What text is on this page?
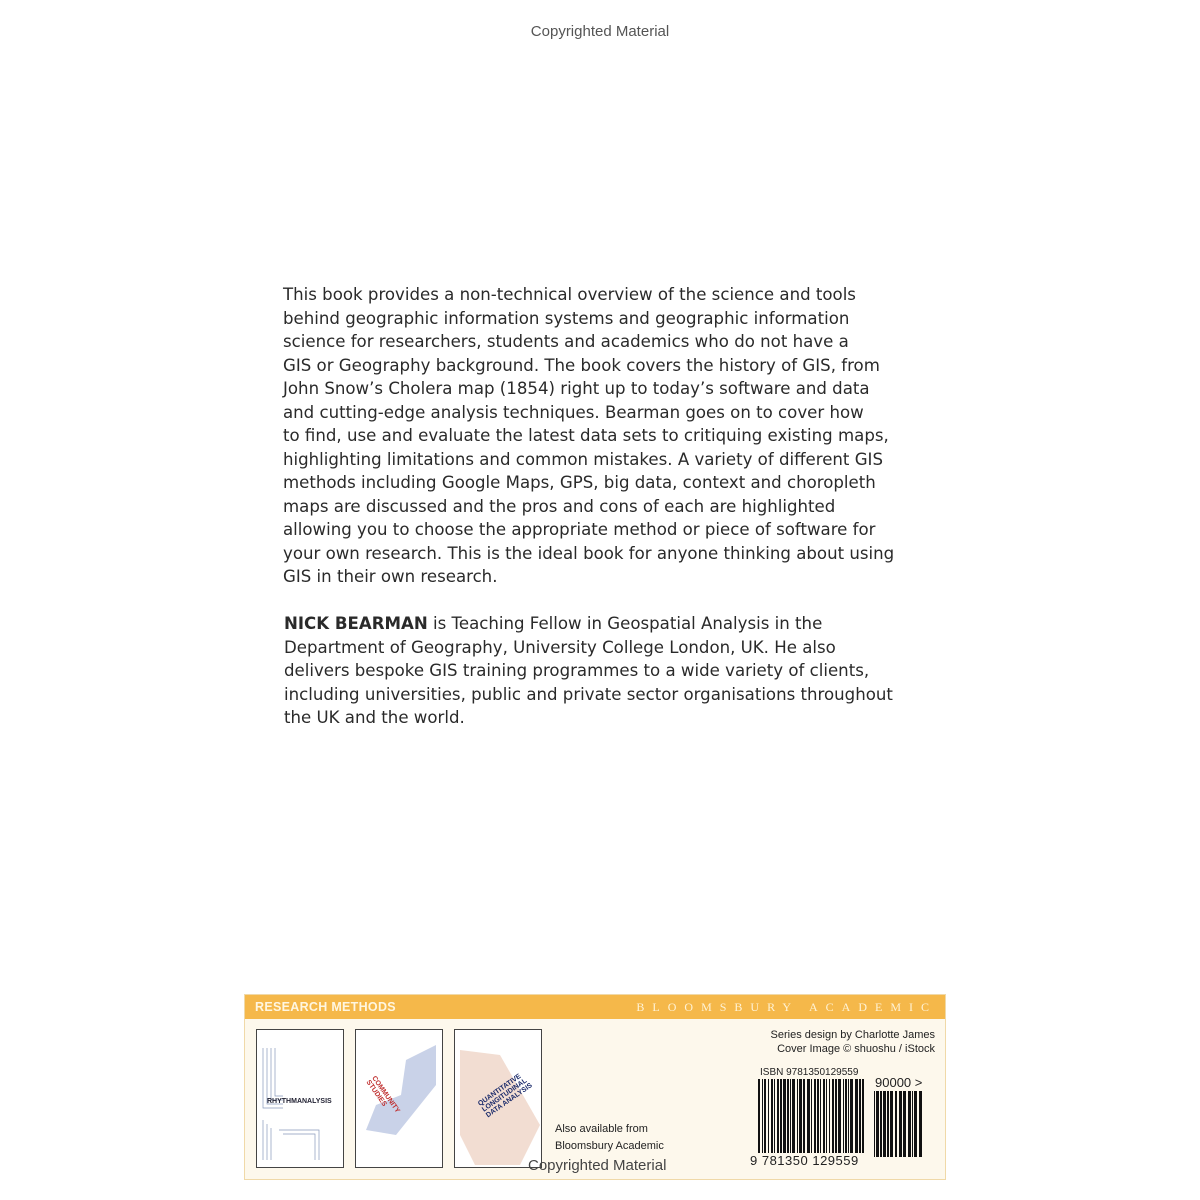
Copyrighted Material
This book provides a non-technical overview of the science and tools
behind geographic information systems and geographic information
science for researchers, students and academics who do not have a
GIS or Geography background. The book covers the history of GIS, from
John Snow’s Cholera map (1854) right up to today’s software and data
and cutting-edge analysis techniques. Bearman goes on to cover how
to find, use and evaluate the latest data sets to critiquing existing maps,
highlighting limitations and common mistakes. A variety of different GIS
methods including Google Maps, GPS, big data, context and choropleth
maps are discussed and the pros and cons of each are highlighted
allowing you to choose the appropriate method or piece of software for
your own research. This is the ideal book for anyone thinking about using
GIS in their own research.
NICK BEARMAN is Teaching Fellow in Geospatial Analysis in the
Department of Geography, University College London, UK. He also
delivers bespoke GIS training programmes to a wide variety of clients,
including universities, public and private sector organisations throughout
the UK and the world.
RESEARCH METHODS	BLOOMSBURY ACADEMIC
RHYTHMANALYSIS	COMMUNITY STUDIES	QUANTITATIVE LONGITUDINAL DATA ANALYSIS
Also available from
Bloomsbury Academic
Series design by Charlotte James
Cover Image © shuoshu / iStock
ISBN 9781350129559
90000 >
9 781350 129559
Copyrighted Material
